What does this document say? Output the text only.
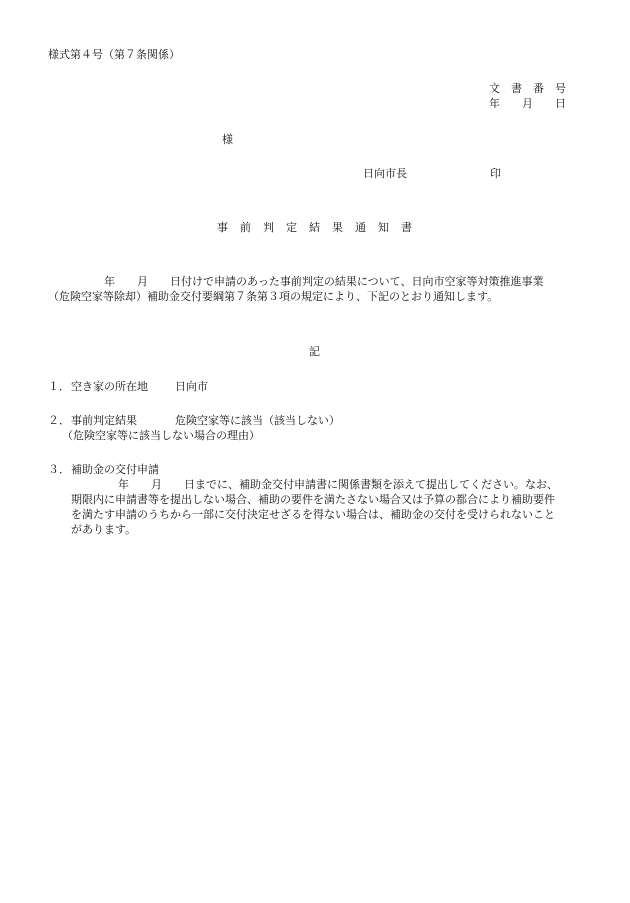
様式第４号（第７条関係）
文　書　番　号
年　　月　　日
様
日向市長	印
事前判定結果通知書
年　　月　　日付けで申請のあった事前判定の結果について、日向市空家等対策推進事業
（危険空家等除却）補助金交付要綱第７条第３項の規定により、下記のとおり通知します。
記
１． 空き家の所在地 日向市
２． 事前判定結果	危険空家等に該当（該当しない）
（危険空家等に該当しない場合の理由）
３． 補助金の交付申請
年　　月　　日までに、補助金交付申請書に関係書類を添えて提出してください。なお、
期限内に申請書等を提出しない場合、補助の要件を満たさない場合又は予算の都合により補助要件
を満たす申請のうちから一部に交付決定せざるを得ない場合は、補助金の交付を受けられないこと
があります。
